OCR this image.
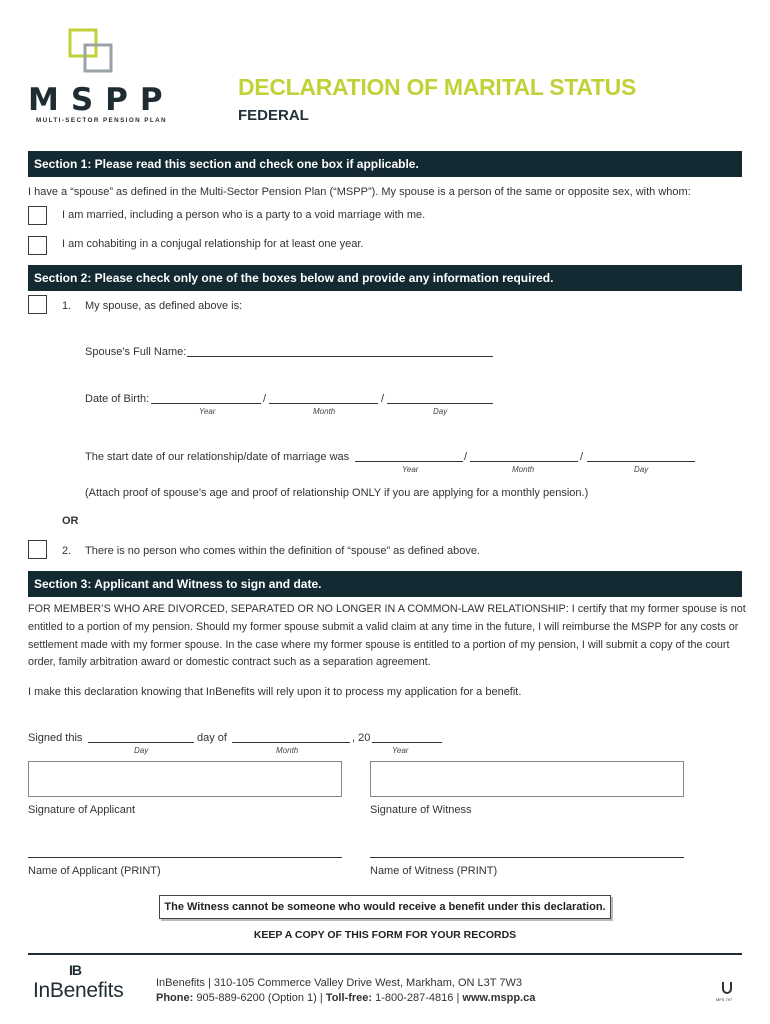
MSPP
MULTI-SECTOR PENSION PLAN
DECLARATION OF MARITAL STATUS
FEDERAL
Section 1: Please read this section and check one box if applicable.
I have a “spouse” as defined in the Multi-Sector Pension Plan (“MSPP”). My spouse is a person of the same or opposite sex, with whom:
I am married, including a person who is a party to a void marriage with me.
I am cohabiting in a conjugal relationship for at least one year.
Section 2: Please check only one of the boxes below and provide any information required.
1. My spouse, as defined above is:
Spouse’s Full Name:
Date of Birth:	/	/
Year	Month	Day
The start date of our relationship/date of marriage was	/	/
Year	Month	Day
(Attach proof of spouse’s age and proof of relationship ONLY if you are applying for a monthly pension.)
OR
2. There is no person who comes within the definition of “spouse” as defined above.
Section 3: Applicant and Witness to sign and date.
FOR MEMBER’S WHO ARE DIVORCED, SEPARATED OR NO LONGER IN A COMMON-LAW RELATIONSHIP: I certify that my former spouse is not
entitled to a portion of my pension. Should my former spouse submit a valid claim at any time in the future, I will reimburse the MSPP for any costs or
settlement made with my former spouse. In the case where my former spouse is entitled to a portion of my pension, I will submit a copy of the court
order, family arbitration award or domestic contract such as a separation agreement.
I make this declaration knowing that InBenefits will rely upon it to process my application for a benefit.
Signed this	day of	, 20
Day	Month	Year
Signature of Applicant	Signature of Witness
Name of Applicant (PRINT)	Name of Witness (PRINT)
The Witness cannot be someone who would receive a benefit under this declaration.
KEEP A COPY OF THIS FORM FOR YOUR RECORDS
IB
InBenefits	InBenefits | 310-105 Commerce Valley Drive West, Markham, ON L3T 7W3
Phone: 905-889-6200 (Option 1) | Toll-free: 1-800-287-4816 | www.mspp.ca	MFS 797
